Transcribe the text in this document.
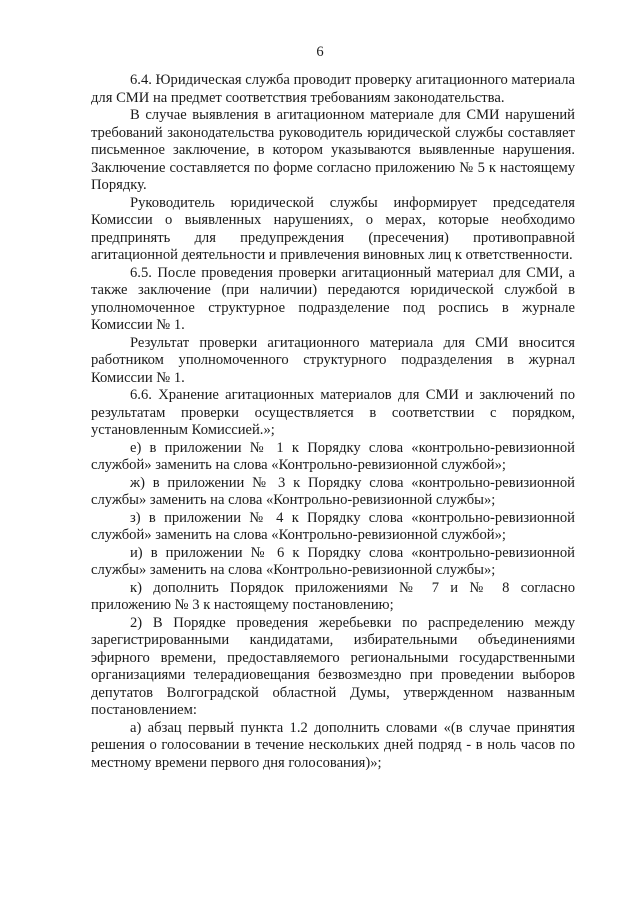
6

6.4. Юридическая служба проводит проверку агитационного материала для СМИ на предмет соответствия требованиям законодательства.

В случае выявления в агитационном материале для СМИ нарушений требований законодательства руководитель юридической службы составляет письменное заключение, в котором указываются выявленные нарушения. Заключение составляется по форме согласно приложению № 5 к настоящему Порядку.

Руководитель юридической службы информирует председателя Комиссии о выявленных нарушениях, о мерах, которые необходимо предпринять для предупреждения (пресечения) противоправной агитационной деятельности и привлечения виновных лиц к ответственности.

6.5. После проведения проверки агитационный материал для СМИ, а также заключение (при наличии) передаются юридической службой в уполномоченное структурное подразделение под роспись в журнале Комиссии № 1.

Результат проверки агитационного материала для СМИ вносится работником уполномоченного структурного подразделения в журнал Комиссии № 1.

6.6. Хранение агитационных материалов для СМИ и заключений по результатам проверки осуществляется в соответствии с порядком, установленным Комиссией.»;

е) в приложении № 1 к Порядку слова «контрольно-ревизионной службой» заменить на слова «Контрольно-ревизионной службой»;

ж) в приложении № 3 к Порядку слова «контрольно-ревизионной службы» заменить на слова «Контрольно-ревизионной службы»;

з) в приложении № 4 к Порядку слова «контрольно-ревизионной службой» заменить на слова «Контрольно-ревизионной службой»;

и) в приложении № 6 к Порядку слова «контрольно-ревизионной службы» заменить на слова «Контрольно-ревизионной службы»;

к) дополнить Порядок приложениями № 7 и № 8 согласно приложению № 3 к настоящему постановлению;

2) В Порядке проведения жеребьевки по распределению между зарегистрированными кандидатами, избирательными объединениями эфирного времени, предоставляемого региональными государственными организациями телерадиовещания безвозмездно при проведении выборов депутатов Волгоградской областной Думы, утвержденном названным постановлением:

а) абзац первый пункта 1.2 дополнить словами «(в случае принятия решения о голосовании в течение нескольких дней подряд - в ноль часов по местному времени первого дня голосования)»;
